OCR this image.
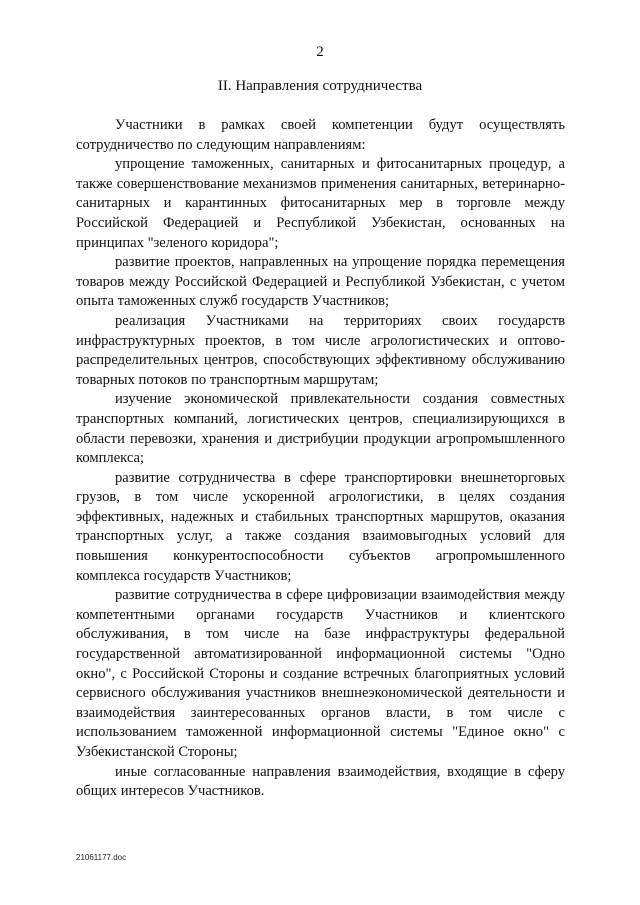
2
II. Направления сотрудничества

Участники в рамках своей компетенции будут осуществлять сотрудничество по следующим направлениям:

упрощение таможенных, санитарных и фитосанитарных процедур, а также совершенствование механизмов применения санитарных, ветеринарно-санитарных и карантинных фитосанитарных мер в торговле между Российской Федерацией и Республикой Узбекистан, основанных на принципах "зеленого коридора";

развитие проектов, направленных на упрощение порядка перемещения товаров между Российской Федерацией и Республикой Узбекистан, с учетом опыта таможенных служб государств Участников;

реализация Участниками на территориях своих государств инфраструктурных проектов, в том числе агрологистических и оптово-распределительных центров, способствующих эффективному обслуживанию товарных потоков по транспортным маршрутам;

изучение экономической привлекательности создания совместных транспортных компаний, логистических центров, специализирующихся в области перевозки, хранения и дистрибуции продукции агропромышленного комплекса;

развитие сотрудничества в сфере транспортировки внешнеторговых грузов, в том числе ускоренной агрологистики, в целях создания эффективных, надежных и стабильных транспортных маршрутов, оказания транспортных услуг, а также создания взаимовыгодных условий для повышения конкурентоспособности субъектов агропромышленного комплекса государств Участников;

развитие сотрудничества в сфере цифровизации взаимодействия между компетентными органами государств Участников и клиентского обслуживания, в том числе на базе инфраструктуры федеральной государственной автоматизированной информационной системы "Одно окно", с Российской Стороны и создание встречных благоприятных условий сервисного обслуживания участников внешнеэкономической деятельности и взаимодействия заинтересованных органов власти, в том числе с использованием таможенной информационной системы "Единое окно" с Узбекистанской Стороны;

иные согласованные направления взаимодействия, входящие в сферу общих интересов Участников.

21061177.doc
